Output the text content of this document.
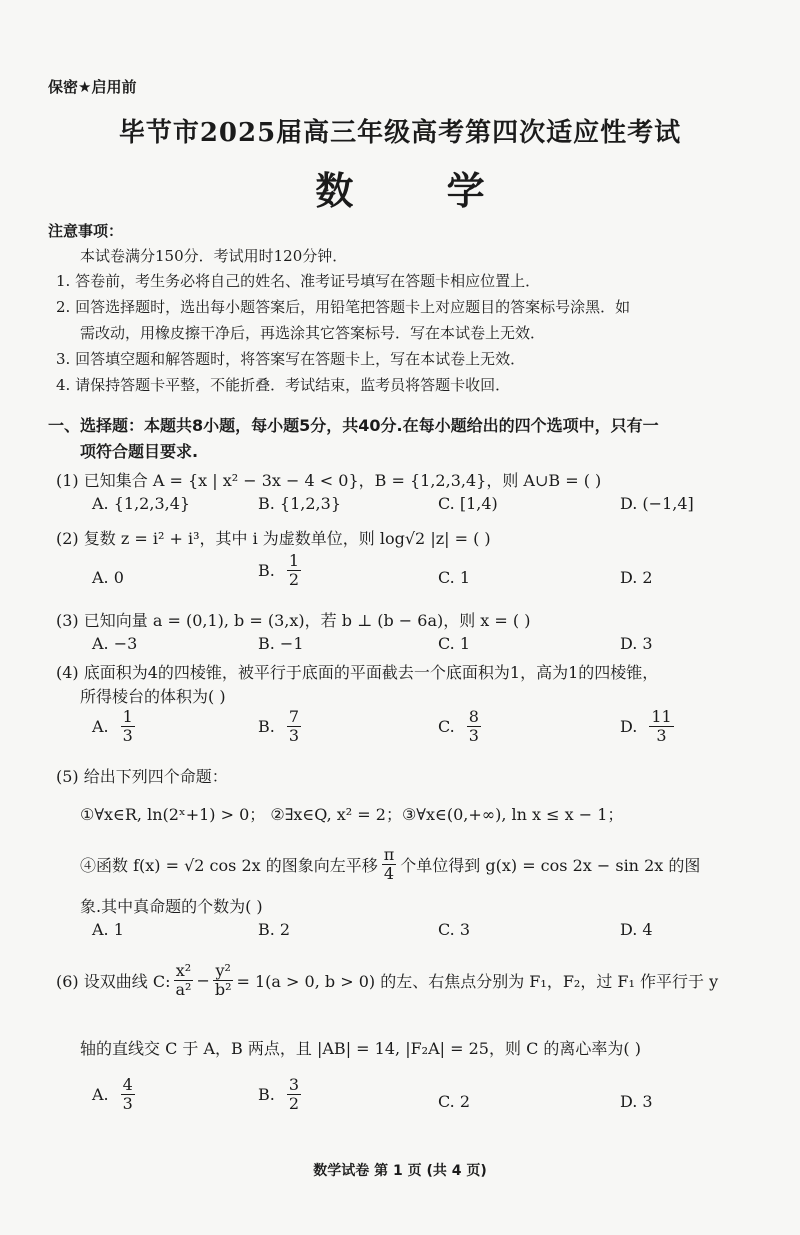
保密★启用前
毕节市2025届高三年级高考第四次适应性考试
数 学
注意事项：
本试卷满分150分．考试用时120分钟．
1. 答卷前，考生务必将自己的姓名、准考证号填写在答题卡相应位置上．
2. 回答选择题时，选出每小题答案后，用铅笔把答题卡上对应题目的答案标号涂黑．如
需改动，用橡皮擦干净后，再选涂其它答案标号．写在本试卷上无效．
3. 回答填空题和解答题时，将答案写在答题卡上，写在本试卷上无效．
4. 请保持答题卡平整，不能折叠．考试结束，监考员将答题卡收回．
一、选择题：本题共8小题，每小题5分，共40分.在每小题给出的四个选项中，只有一
项符合题目要求.
(1) 已知集合 A = {x | x² − 3x − 4 < 0}，B = {1,2,3,4}，则 A∪B = ( )
A. {1,2,3,4}	B. {1,2,3}	C. [1,4)	D. (−1,4]
(2) 复数 z = i² + i³，其中 i 为虚数单位，则 log√2 |z| = ( )
A. 0	B. $\frac{1}{2}$	C. 1	D. 2
(3) 已知向量 a = (0,1), b = (3,x)，若 b ⊥ (b − 6a)，则 x = ( )
A. −3	B. −1	C. 1	D. 3
(4) 底面积为4的四棱锥，被平行于底面的平面截去一个底面积为1，高为1的四棱锥，
所得棱台的体积为( )
A. $\frac{1}{3}$	B. $\frac{7}{3}$	C. $\frac{8}{3}$	D. $\frac{11}{3}$
(5) 给出下列四个命题：
①∀x∈R, ln(2ˣ+1) > 0； ②∃x∈Q, x² = 2；③∀x∈(0,+∞), ln x ≤ x − 1；
④函数 f(x) = √2 cos 2x 的图象向左平移 $\frac{\pi}{4}$ 个单位得到 g(x) = cos 2x − sin 2x 的图
象.其中真命题的个数为( )
A. 1	B. 2	C. 3	D. 4
(6) 设双曲线 C: $\frac{\text{x²}}{\text{a²}} - \frac{\text{y²}}{\text{b²}} = 1(a > 0$, b > 0) 的左、右焦点分别为 F₁，F₂，过 F₁ 作平行于 y
轴的直线交 C 于 A，B 两点，且 |AB| = 14, |F₂A| = 25，则 C 的离心率为( )
A. $\frac{4}{3}$	B. $\frac{3}{2}$	C. 2	D. 3
数学试卷 第 1 页 (共 4 页)
